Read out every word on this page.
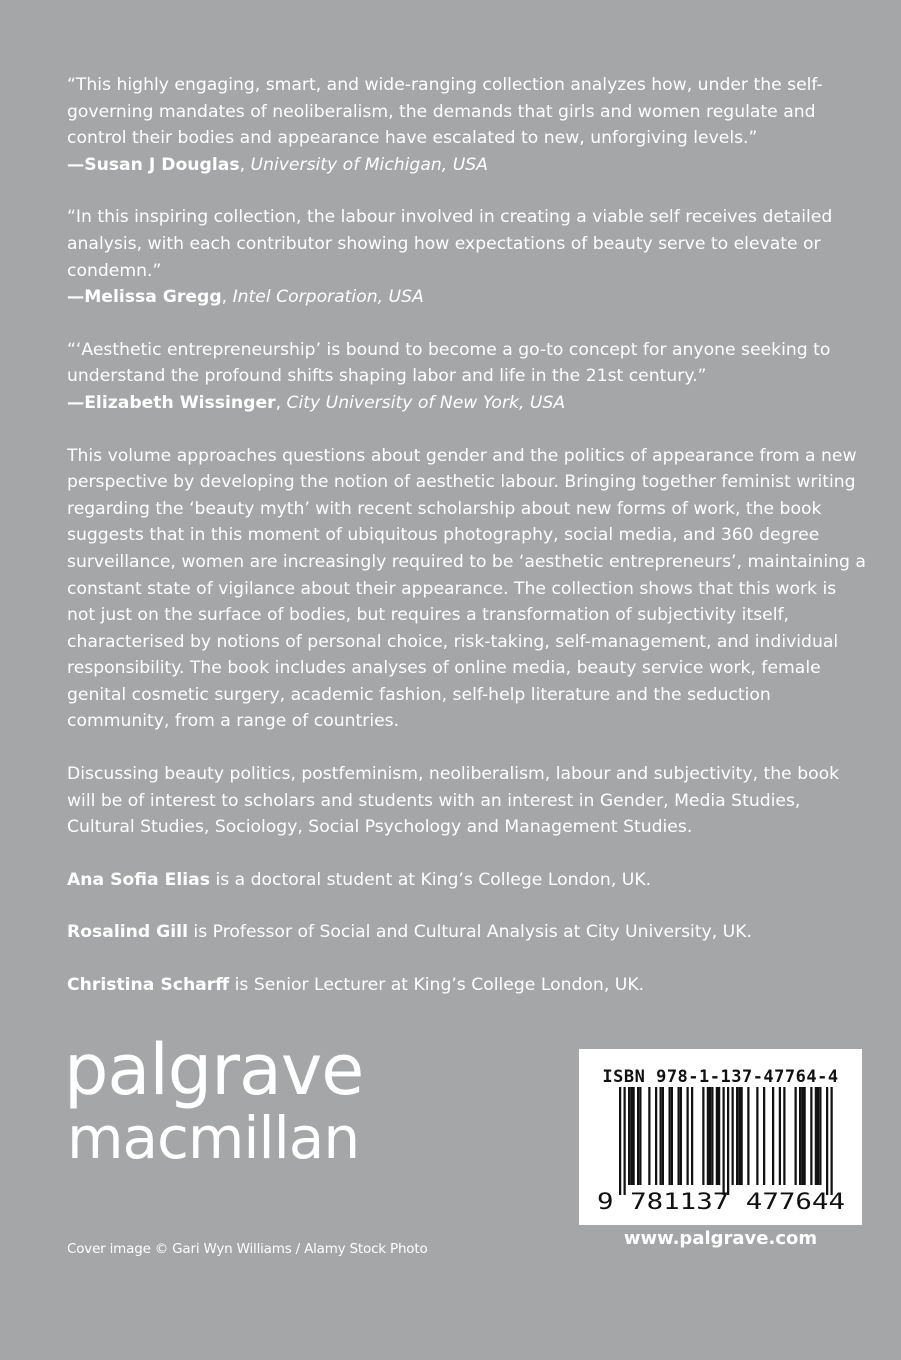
“This highly engaging, smart, and wide-ranging collection analyzes how, under the self-governing mandates of neoliberalism, the demands that girls and women regulate and control their bodies and appearance have escalated to new, unforgiving levels.”

—Susan J Douglas, University of Michigan, USA

“In this inspiring collection, the labour involved in creating a viable self receives detailed analysis, with each contributor showing how expectations of beauty serve to elevate or condemn.”

—Melissa Gregg, Intel Corporation, USA

“‘Aesthetic entrepreneurship’ is bound to become a go-to concept for anyone seeking to understand the profound shifts shaping labor and life in the 21st century.”

—Elizabeth Wissinger, City University of New York, USA

This volume approaches questions about gender and the politics of appearance from a new perspective by developing the notion of aesthetic labour. Bringing together feminist writing regarding the ‘beauty myth’ with recent scholarship about new forms of work, the book suggests that in this moment of ubiquitous photography, social media, and 360 degree surveillance, women are increasingly required to be ‘aesthetic entrepreneurs’, maintaining a constant state of vigilance about their appearance. The collection shows that this work is not just on the surface of bodies, but requires a transformation of subjectivity itself, characterised by notions of personal choice, risk-taking, self-management, and individual responsibility. The book includes analyses of online media, beauty service work, female genital cosmetic surgery, academic fashion, self-help literature and the seduction community, from a range of countries.

Discussing beauty politics, postfeminism, neoliberalism, labour and subjectivity, the book will be of interest to scholars and students with an interest in Gender, Media Studies, Cultural Studies, Sociology, Social Psychology and Management Studies.

Ana Sofia Elias is a doctoral student at King’s College London, UK.

Rosalind Gill is Professor of Social and Cultural Analysis at City University, UK.

Christina Scharff is Senior Lecturer at King’s College London, UK.

palgrave
macmillan
Cover image © Gari Wyn Williams / Alamy Stock Photo
ISBN 978-1-137-47764-4
9 781137 477644
www.palgrave.com
